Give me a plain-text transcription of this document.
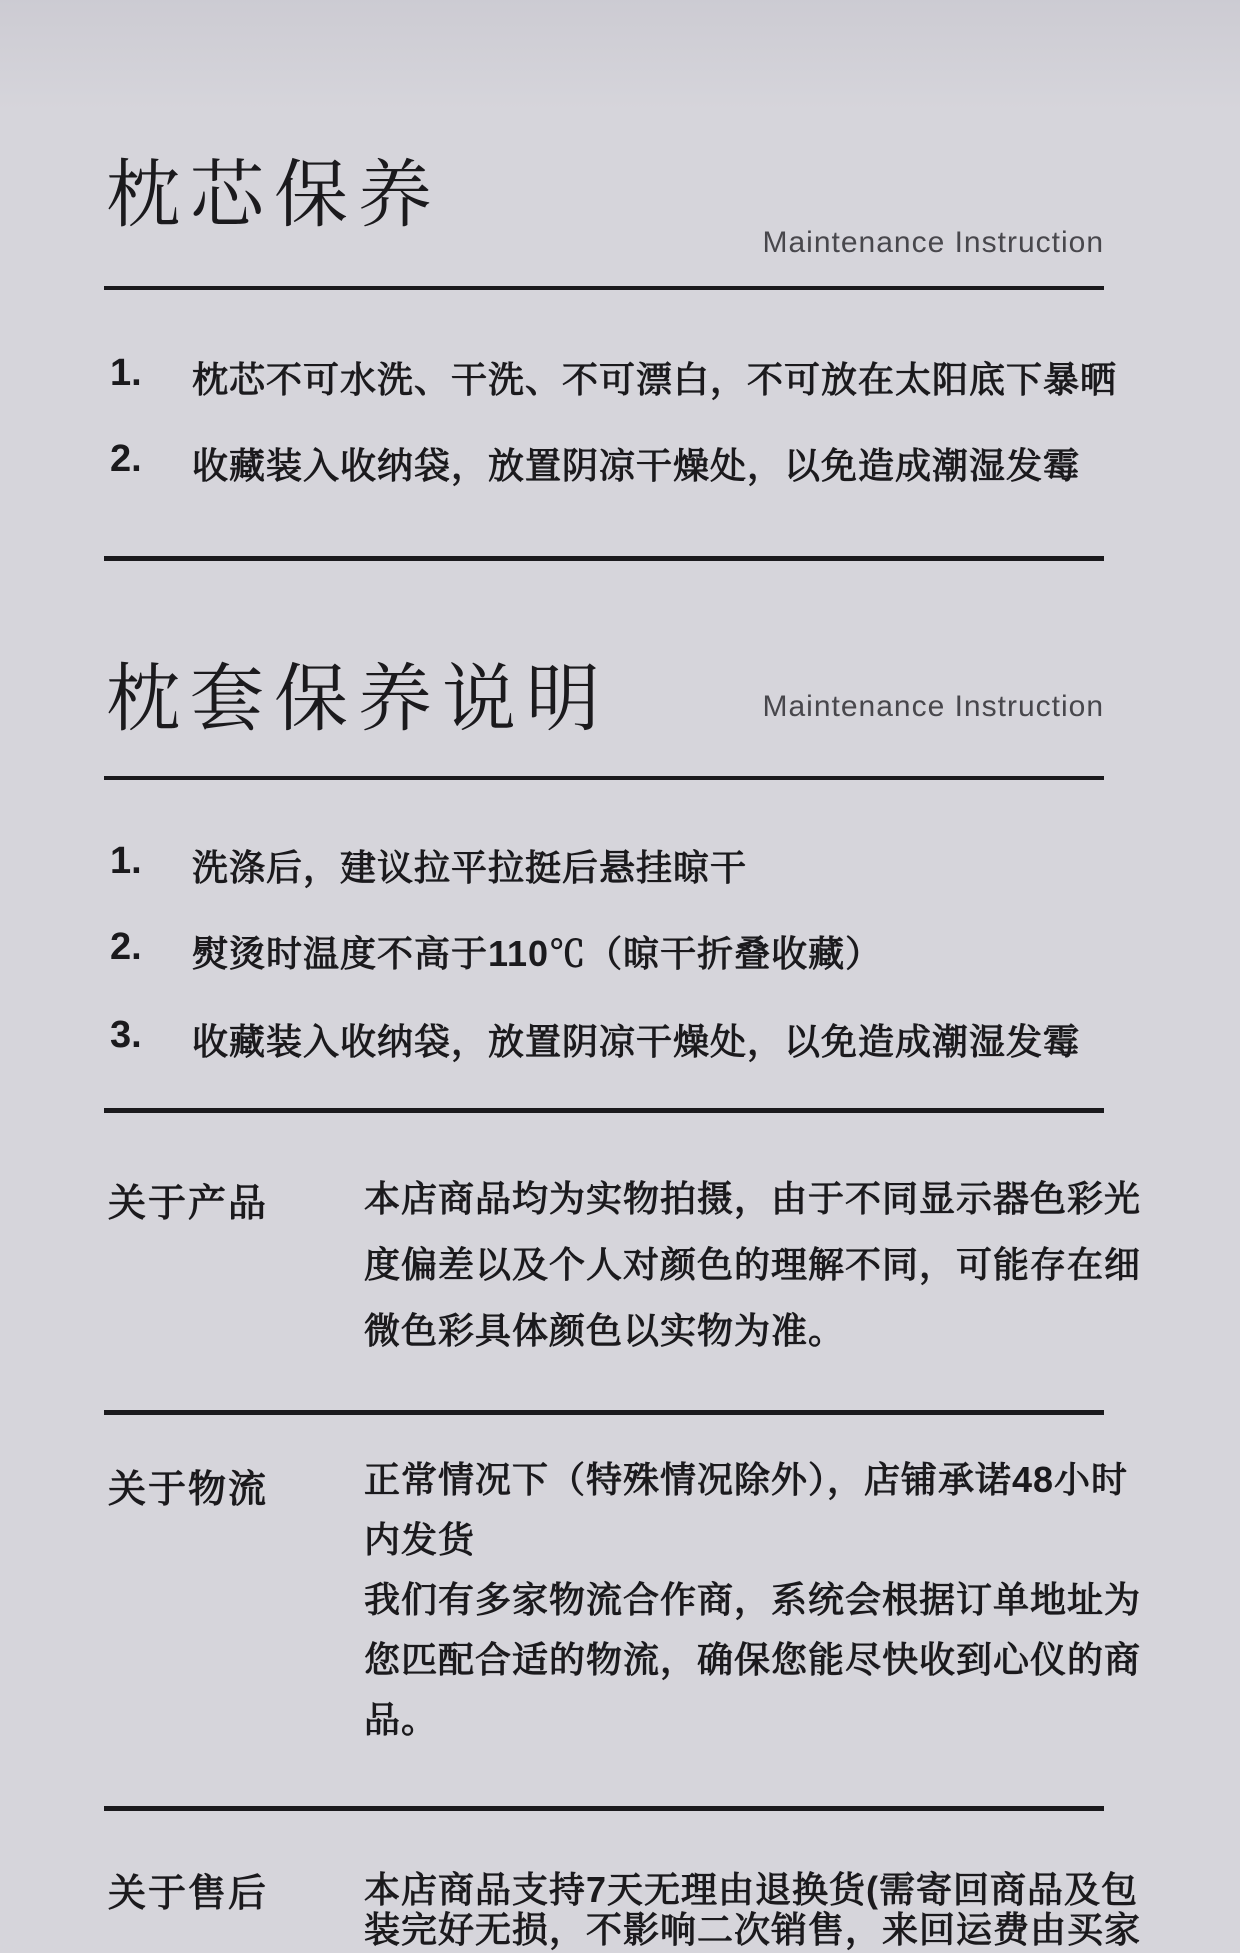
枕芯保养
Maintenance Instruction
1. 枕芯不可水洗、干洗、不可漂白，不可放在太阳底下暴晒
2. 收藏装入收纳袋，放置阴凉干燥处，以免造成潮湿发霉
枕套保养说明	Maintenance Instruction
1. 洗涤后，建议拉平拉挺后悬挂晾干
2. 熨烫时温度不高于110℃（晾干折叠收藏）
3. 收藏装入收纳袋，放置阴凉干燥处，以免造成潮湿发霉
关于产品	本店商品均为实物拍摄，由于不同显示器色彩光
度偏差以及个人对颜色的理解不同，可能存在细
微色彩具体颜色以实物为准。
关于物流	正常情况下（特殊情况除外），店铺承诺48小时
内发货
我们有多家物流合作商，系统会根据订单地址为
您匹配合适的物流，确保您能尽快收到心仪的商
品。
关于售后	本店商品支持7天无理由退换货(需寄回商品及包
装完好无损，不影响二次销售，来回运费由买家
